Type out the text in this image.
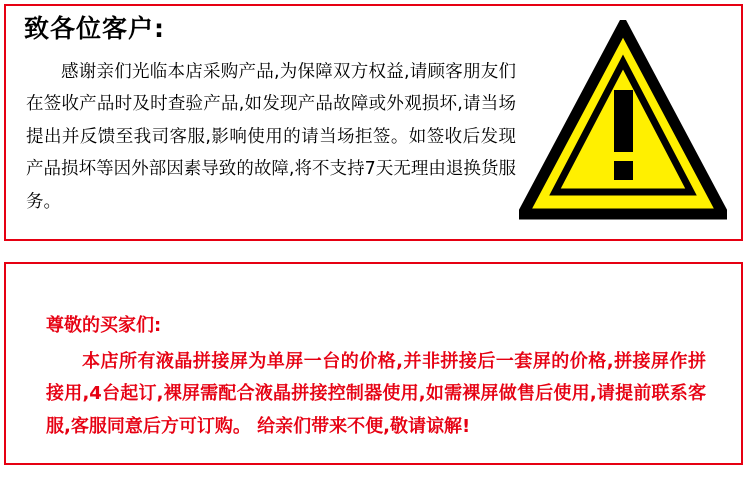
致各位客户:
感谢亲们光临本店采购产品,为保障双方权益,请顾客朋友们在签收产品时及时查验产品,如发现产品故障或外观损坏,请当场提出并反馈至我司客服,影响使用的请当场拒签。如签收后发现产品损坏等因外部因素导致的故障,将不支持7天无理由退换货服务。
尊敬的买家们:
本店所有液晶拼接屏为单屏一台的价格,并非拼接后一套屏的价格,拼接屏作拼接用,4台起订,裸屏需配合液晶拼接控制器使用,如需裸屏做售后使用,请提前联系客服,客服同意后方可订购。 给亲们带来不便,敬请谅解!
